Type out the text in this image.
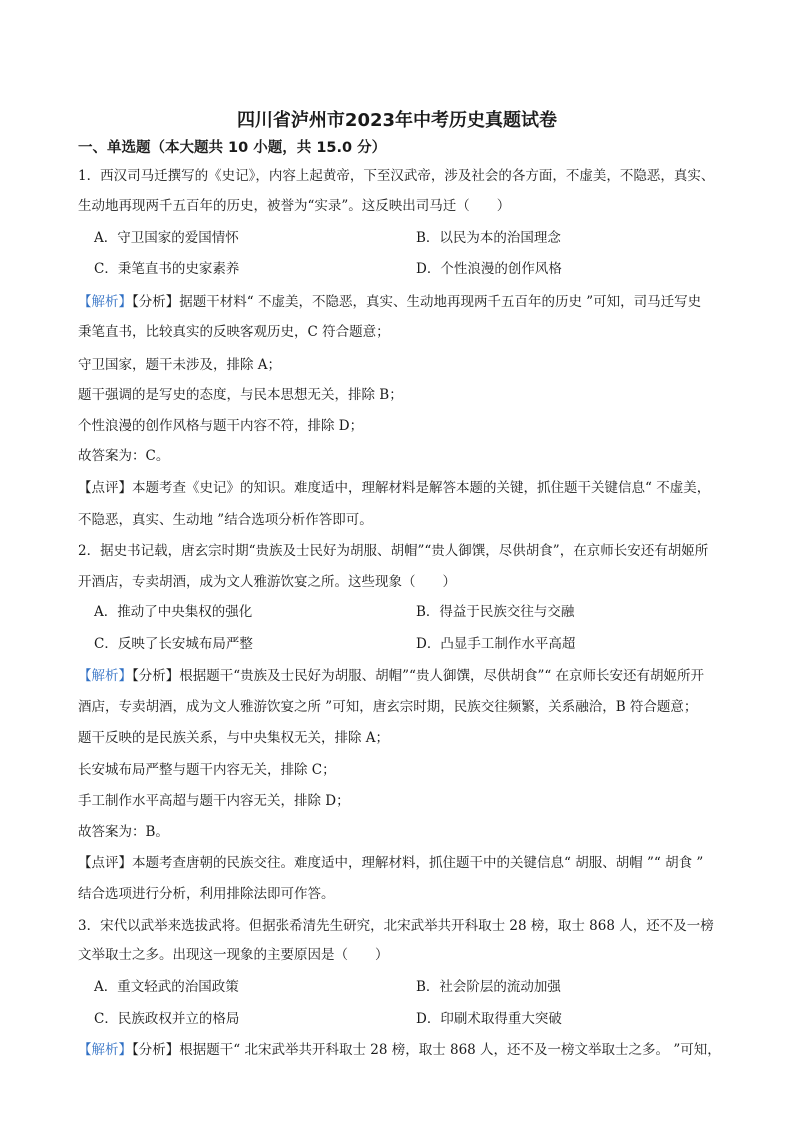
四川省泸州市2023年中考历史真题试卷
一、单选题（本大题共 10 小题，共 15.0 分）
1．西汉司马迁撰写的《史记》，内容上起黄帝，下至汉武帝，涉及社会的各方面，不虚美，不隐恶，真实、
生动地再现两千五百年的历史，被誉为“实录”。这反映出司马迁（　　）
A．守卫国家的爱国情怀	B．以民为本的治国理念
C．秉笔直书的史家素养	D．个性浪漫的创作风格
【解析】【分析】据题干材料“ 不虚美，不隐恶，真实、生动地再现两千五百年的历史 ”可知，司马迁写史
秉笔直书，比较真实的反映客观历史，C 符合题意；
守卫国家，题干未涉及，排除 A；
题干强调的是写史的态度，与民本思想无关，排除 B；
个性浪漫的创作风格与题干内容不符，排除 D；
故答案为：C。
【点评】本题考查《史记》的知识。难度适中，理解材料是解答本题的关键，抓住题干关键信息“ 不虚美，
不隐恶，真实、生动地 ”结合选项分析作答即可。
2．据史书记载，唐玄宗时期“贵族及士民好为胡服、胡帽”“贵人御馔，尽供胡食”，在京师长安还有胡姬所
开酒店，专卖胡酒，成为文人雅游饮宴之所。这些现象（　　）
A．推动了中央集权的强化	B．得益于民族交往与交融
C．反映了长安城布局严整	D．凸显手工制作水平高超
【解析】【分析】根据题干“贵族及士民好为胡服、胡帽”“贵人御馔，尽供胡食”“ 在京师长安还有胡姬所开
酒店，专卖胡酒，成为文人雅游饮宴之所 ”可知，唐玄宗时期，民族交往频繁，关系融洽，B 符合题意；
题干反映的是民族关系，与中央集权无关，排除 A；
长安城布局严整与题干内容无关，排除 C；
手工制作水平高超与题干内容无关，排除 D；
故答案为：B。
【点评】本题考查唐朝的民族交往。难度适中，理解材料，抓住题干中的关键信息“ 胡服、胡帽 ”“ 胡食 ”
结合选项进行分析，利用排除法即可作答。
3．宋代以武举来选拔武将。但据张希清先生研究，北宋武举共开科取士 28 榜，取士 868 人，还不及一榜
文举取士之多。出现这一现象的主要原因是（　　）
A．重文轻武的治国政策	B．社会阶层的流动加强
C．民族政权并立的格局	D．印刷术取得重大突破
【解析】【分析】根据题干“ 北宋武举共开科取士 28 榜，取士 868 人，还不及一榜文举取士之多。 ”可知，
